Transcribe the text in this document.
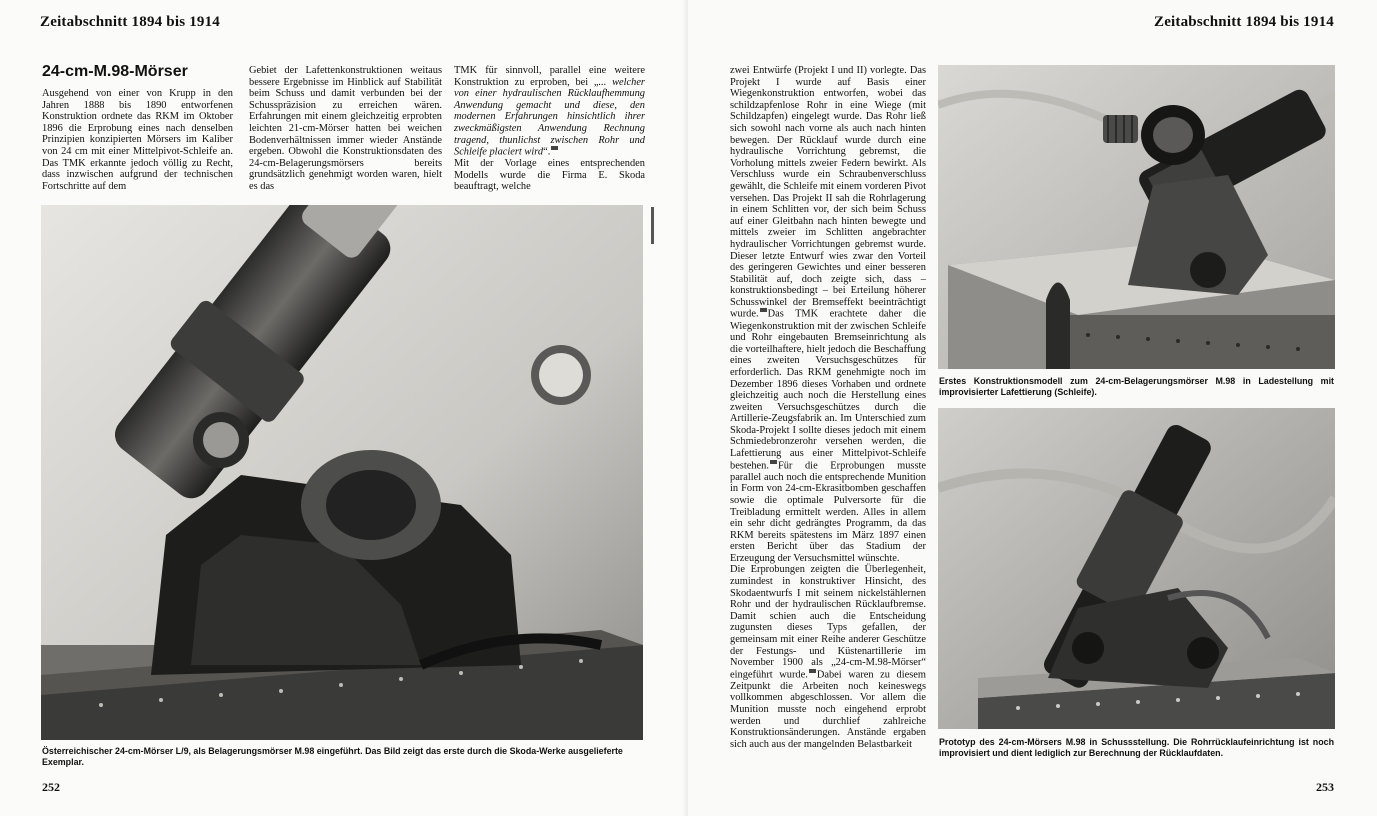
Zeitabschnitt 1894 bis 1914
24-cm-M.98-Mörser

Ausgehend von einer von Krupp in den Jahren 1888 bis 1890 entworfenen Konstruktion ordnete das RKM im Oktober 1896 die Erprobung eines nach denselben Prinzipien konzipierten Mörsers im Kaliber von 24 cm mit einer Mittelpivot-Schleife an. Das TMK erkannte jedoch völlig zu Recht, dass inzwischen aufgrund der technischen Fortschritte auf dem

Gebiet der Lafettenkonstruktionen weitaus bessere Ergebnisse im Hinblick auf Stabilität beim Schuss und damit verbunden bei der Schusspräzision zu erreichen wären. Erfahrungen mit einem gleichzeitig erprobten leichten 21-cm-Mörser hatten bei weichen Bodenverhältnissen immer wieder Anstände ergeben. Obwohl die Konstruktionsdaten des 24-cm-Belagerungsmörsers bereits grundsätzlich genehmigt worden waren, hielt es das

TMK für sinnvoll, parallel eine weitere Konstruktion zu erproben, bei „... welcher von einer hydraulischen Rücklaufhemmung Anwendung gemacht und diese, den modernen Erfahrungen hinsichtlich ihrer zweckmäßigsten Anwendung Rechnung tragend, thunlichst zwischen Rohr und Schleife placiert wird“.

Mit der Vorlage eines entsprechenden Modells wurde die Firma E. Skoda beauftragt, welche

Österreichischer 24-cm-Mörser L/9, als Belagerungsmörser M.98 eingeführt. Das Bild zeigt das erste durch die Skoda-Werke ausgelieferte Exemplar.
252
Zeitabschnitt 1894 bis 1914

zwei Entwürfe (Projekt I und II) vorlegte. Das Projekt I wurde auf Basis einer Wiegenkonstruktion entworfen, wobei das schildzapfenlose Rohr in eine Wiege (mit Schildzapfen) eingelegt wurde. Das Rohr ließ sich sowohl nach vorne als auch nach hinten bewegen. Der Rücklauf wurde durch eine hydraulische Vorrichtung gebremst, die Vorholung mittels zweier Federn bewirkt. Als Verschluss wurde ein Schraubenverschluss gewählt, die Schleife mit einem vorderen Pivot versehen. Das Projekt II sah die Rohrlagerung in einem Schlitten vor, der sich beim Schuss auf einer Gleitbahn nach hinten bewegte und mittels zweier im Schlitten angebrachter hydraulischer Vorrichtungen gebremst wurde. Dieser letzte Entwurf wies zwar den Vorteil des geringeren Gewichtes und einer besseren Stabilität auf, doch zeigte sich, dass – konstruktionsbedingt – bei Erteilung höherer Schusswinkel der Bremseffekt beeinträchtigt wurde. Das TMK erachtete daher die Wiegenkonstruktion mit der zwischen Schleife und Rohr eingebauten Bremseinrichtung als die vorteilhaftere, hielt jedoch die Beschaffung eines zweiten Versuchsgeschützes für erforderlich. Das RKM genehmigte noch im Dezember 1896 dieses Vorhaben und ordnete gleichzeitig auch noch die Herstellung eines zweiten Versuchsgeschützes durch die Artillerie-Zeugsfabrik an. Im Unterschied zum Skoda-Projekt I sollte dieses jedoch mit einem Schmiedebronzerohr versehen werden, die Lafettierung aus einer Mittelpivot-Schleife bestehen. Für die Erprobungen musste parallel auch noch die entsprechende Munition in Form von 24-cm-Ekrasitbomben geschaffen sowie die optimale Pulversorte für die Treibladung ermittelt werden. Alles in allem ein sehr dicht gedrängtes Programm, da das RKM bereits spätestens im März 1897 einen ersten Bericht über das Stadium der Erzeugung der Versuchsmittel wünschte.

Die Erprobungen zeigten die Überlegenheit, zumindest in konstruktiver Hinsicht, des Skodaentwurfs I mit seinem nickelstählernen Rohr und der hydraulischen Rücklaufbremse. Damit schien auch die Entscheidung zugunsten dieses Typs gefallen, der gemeinsam mit einer Reihe anderer Geschütze der Festungs- und Küstenartillerie im November 1900 als „24-cm-M.98-Mörser“ eingeführt wurde. Dabei waren zu diesem Zeitpunkt die Arbeiten noch keineswegs vollkommen abgeschlossen. Vor allem die Munition musste noch eingehend erprobt werden und durchlief zahlreiche Konstruktionsänderungen. Anstände ergaben sich auch aus der mangelnden Belastbarkeit

Erstes Konstruktionsmodell zum 24-cm-Belagerungsmörser M.98 in Ladestellung mit improvisierter Lafettierung (Schleife).
Prototyp des 24-cm-Mörsers M.98 in Schussstellung. Die Rohrrücklaufeinrichtung ist noch improvisiert und dient lediglich zur Berechnung der Rücklaufdaten.
253
